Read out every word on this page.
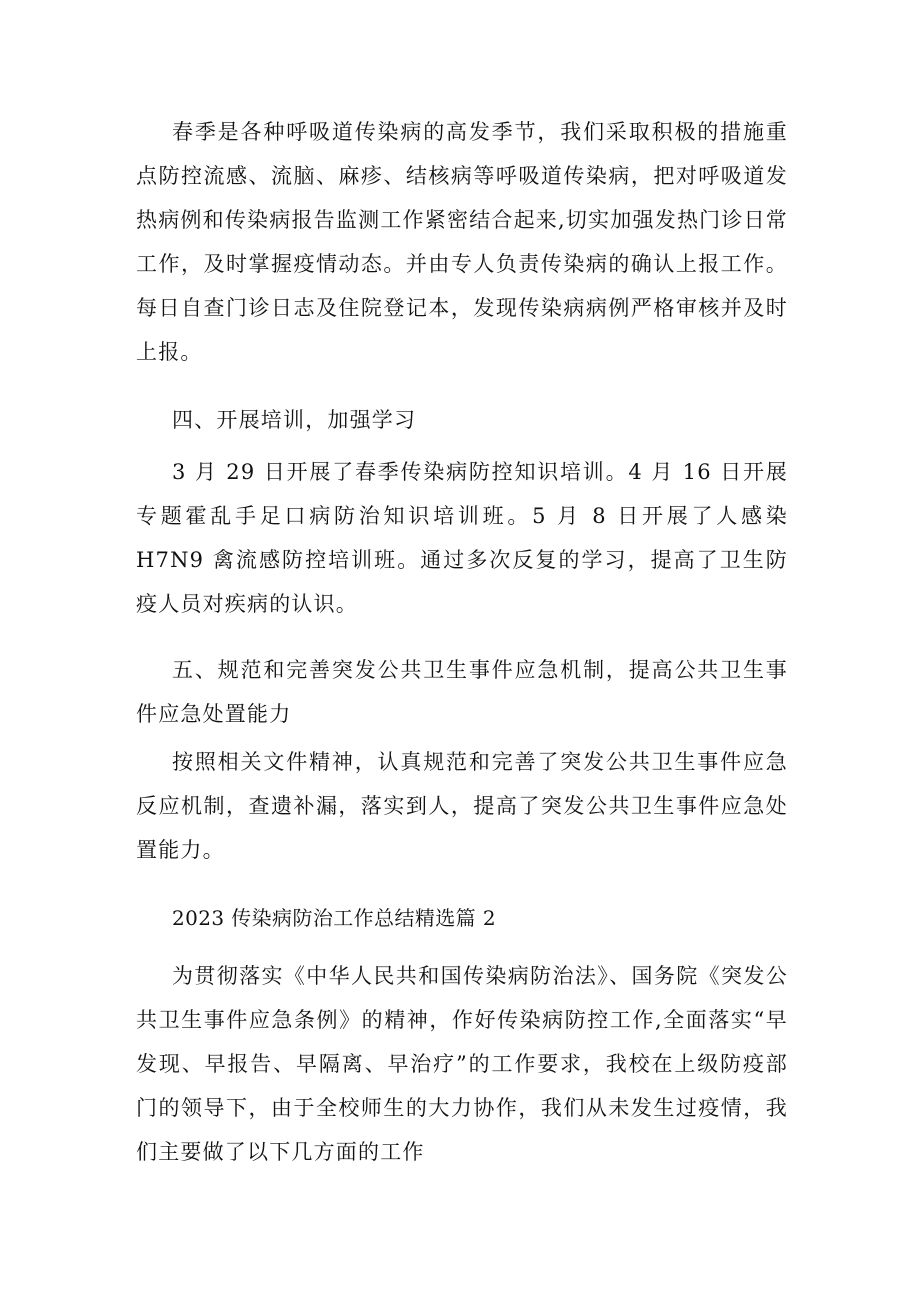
春季是各种呼吸道传染病的高发季节，我们采取积极的措施重点防控流感、流脑、麻疹、结核病等呼吸道传染病，把对呼吸道发热病例和传染病报告监测工作紧密结合起来,切实加强发热门诊日常工作，及时掌握疫情动态。并由专人负责传染病的确认上报工作。每日自查门诊日志及住院登记本，发现传染病病例严格审核并及时上报。

四、开展培训，加强学习

3 月 29 日开展了春季传染病防控知识培训。4 月 16 日开展专题霍乱手足口病防治知识培训班。5 月 8 日开展了人感染 H7N9 禽流感防控培训班。通过多次反复的学习，提高了卫生防疫人员对疾病的认识。

五、规范和完善突发公共卫生事件应急机制，提高公共卫生事件应急处置能力

按照相关文件精神，认真规范和完善了突发公共卫生事件应急反应机制，查遗补漏，落实到人，提高了突发公共卫生事件应急处置能力。

2023 传染病防治工作总结精选篇 2

为贯彻落实《中华人民共和国传染病防治法》、国务院《突发公共卫生事件应急条例》的精神，作好传染病防控工作,全面落实“早发现、早报告、早隔离、早治疗”的工作要求，我校在上级防疫部门的领导下，由于全校师生的大力协作，我们从未发生过疫情，我们主要做了以下几方面的工作
